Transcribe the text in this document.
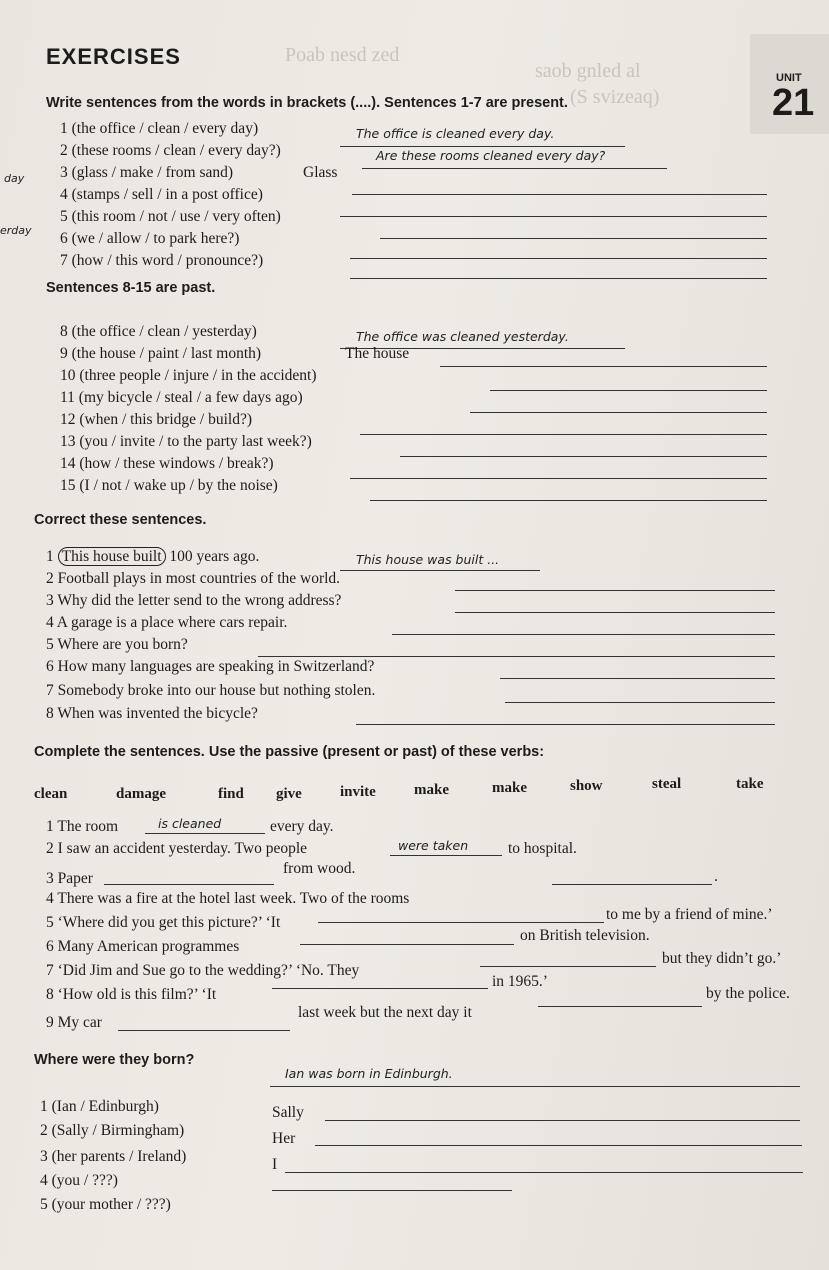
Poab nesd zed
saob gnled al
(S svizeaq)
day
erday
EXERCISES
UNIT
21
Write sentences from the words in brackets (....). Sentences 1-7 are present.
1 (the office / clean / every day)	The office is cleaned every day.
2 (these rooms / clean / every day?)	Are these rooms cleaned every day?
3 (glass / make / from sand)	Glass
4 (stamps / sell / in a post office)
5 (this room / not / use / very often)
6 (we / allow / to park here?)
7 (how / this word / pronounce?)
Sentences 8-15 are past.
8 (the office / clean / yesterday)	The office was cleaned yesterday.
9 (the house / paint / last month)	The house
10 (three people / injure / in the accident)
11 (my bicycle / steal / a few days ago)
12 (when / this bridge / build?)
13 (you / invite / to the party last week?)
14 (how / these windows / break?)
15 (I / not / wake up / by the noise)
Correct these sentences.
1 This house built 100 years ago.	This house was built ...
2 Football plays in most countries of the world.
3 Why did the letter send to the wrong address?
4 A garage is a place where cars repair.
5 Where are you born?
6 How many languages are speaking in Switzerland?
7 Somebody broke into our house but nothing stolen.
8 When was invented the bicycle?
Complete the sentences. Use the passive (present or past) of these verbs:
clean	damage	find give	invite	make	make	show	steal	take
1 The room	is cleaned	every day.
2 I saw an accident yesterday. Two people	were taken	to hospital.
3 Paper
from wood.
4 There was a fire at the hotel last week. Two of the rooms
.
5 ‘Where did you get this picture?’ ‘It	to me by a friend of mine.’
6 Many American programmes
on British television.
7 ‘Did Jim and Sue go to the wedding?’ ‘No. They
but they didn’t go.’
8 ‘How old is this film?’ ‘It
in 1965.’
9 My car
last week but the next day it
by the police.
Where were they born?
1 (Ian / Edinburgh)
Ian was born in Edinburgh.
2 (Sally / Birmingham)
Sally
3 (her parents / Ireland)
Her
4 (you / ???)
I
5 (your mother / ???)
